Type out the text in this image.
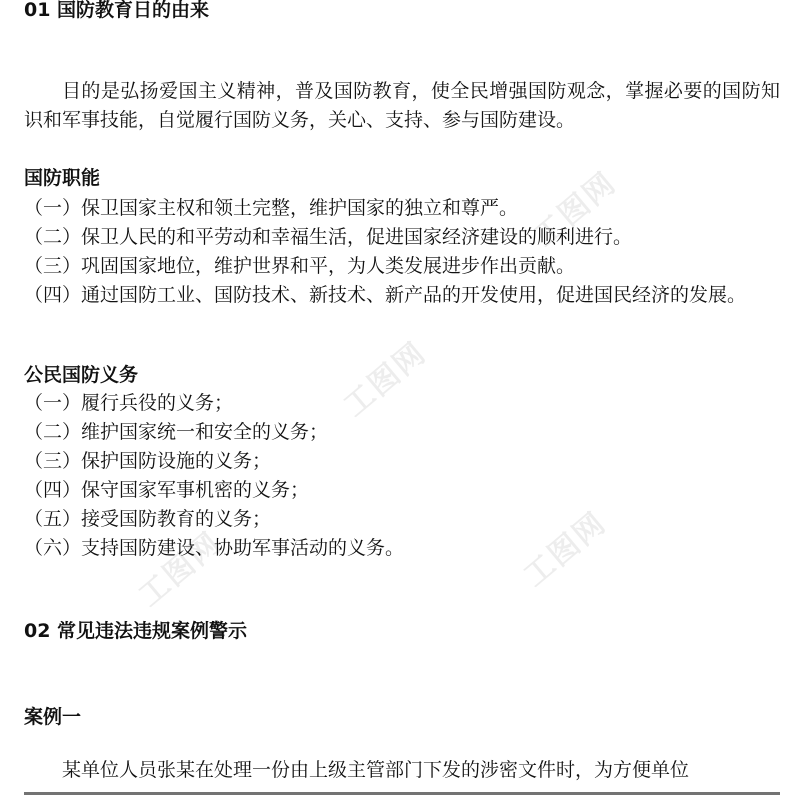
工图网
工图网
工图网
工图网
01 国防教育日的由来

目的是弘扬爱国主义精神，普及国防教育，使全民增强国防观念，掌握必要的国防知识和军事技能，自觉履行国防义务，关心、支持、参与国防建设。

国防职能
（一）保卫国家主权和领土完整，维护国家的独立和尊严。
（二）保卫人民的和平劳动和幸福生活，促进国家经济建设的顺利进行。
（三）巩固国家地位，维护世界和平，为人类发展进步作出贡献。
（四）通过国防工业、国防技术、新技术、新产品的开发使用，促进国民经济的发展。
公民国防义务
（一）履行兵役的义务；
（二）维护国家统一和安全的义务；
（三）保护国防设施的义务；
（四）保守国家军事机密的义务；
（五）接受国防教育的义务；
（六）支持国防建设、协助军事活动的义务。
02 常见违法违规案例警示
案例一

某单位人员张某在处理一份由上级主管部门下发的涉密文件时，为方便单位
